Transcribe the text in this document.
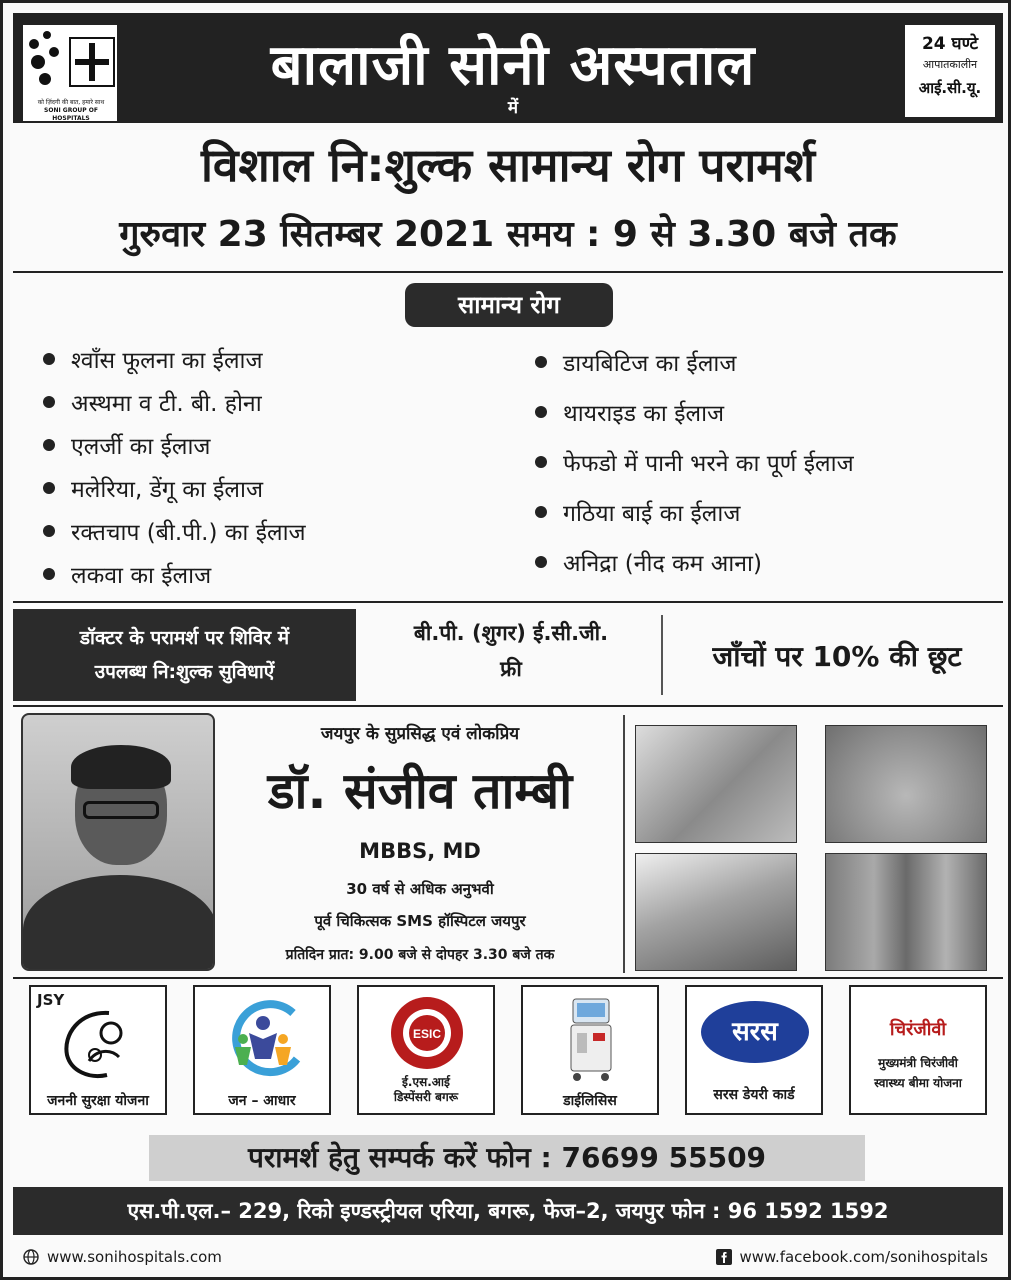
को ज़िंदगी की बात, हमारे साथ
SONI GROUP OF HOSPITALS
बालाजी सोनी अस्पताल
में
24 घण्टे
आपातकालीन
आई.सी.यू.
विशाल नि:शुल्क सामान्य रोग परामर्श
गुरुवार 23 सितम्बर 2021 समय : 9 से 3.30 बजे तक
सामान्य रोग
श्वाँस फूलना का ईलाज
अस्थमा व टी. बी. होना
एलर्जी का ईलाज
मलेरिया, डेंगू का ईलाज
रक्तचाप (बी.पी.) का ईलाज
लकवा का ईलाज
डायबिटिज का ईलाज
थायराइड का ईलाज
फेफडो में पानी भरने का पूर्ण ईलाज
गठिया बाई का ईलाज
अनिद्रा (नीद कम आना)
डॉक्टर के परामर्श पर शिविर में
उपलब्ध नि:शुल्क सुविधाऐं
बी.पी. (शुगर) ई.सी.जी.
फ्री	जाँचों पर 10% की छूट
जयपुर के सुप्रसिद्ध एवं लोकप्रिय
डॉ. संजीव ताम्बी
MBBS, MD
30 वर्ष से अधिक अनुभवी
पूर्व चिकित्सक SMS हॉस्पिटल जयपुर
प्रतिदिन प्रात: 9.00 बजे से दोपहर 3.30 बजे तक
JSY
जननी सुरक्षा योजना	जन – आधार
ESIC
ई.एस.आई
डिस्पेंसरी बगरू	डाईलिसिस
सरस
सरस डेयरी कार्ड
चिरंजीवी
मुख्यमंत्री चिरंजीवी
स्वास्थ्य बीमा योजना
परामर्श हेतु सम्पर्क करें फोन : 76699 55509
एस.पी.एल.– 229, रिको इण्डस्ट्रीयल एरिया, बगरू, फेज–2, जयपुर फोन : 96 1592 1592
www.sonihospitals.com	www.facebook.com/sonihospitals
